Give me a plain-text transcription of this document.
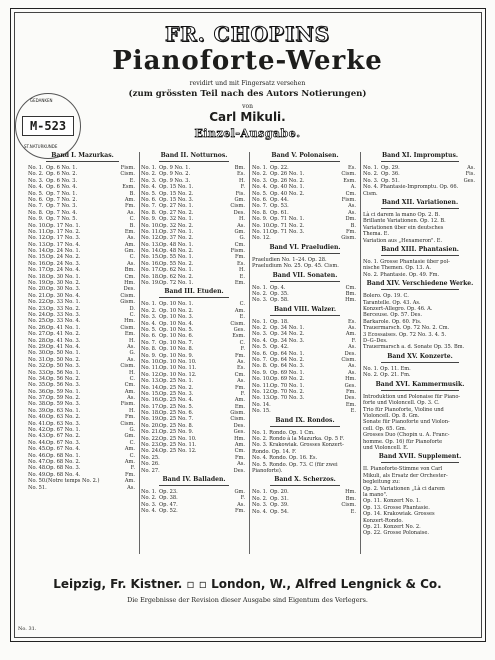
GEDANKEN
M-523
ST.NATURKUNDE
FR. CHOPINS
Pianoforte-Werke
revidirt und mit Fingersatz versehen
(zum grössten Teil nach des Autors Notierungen)
von
Carl Mikuli.
Einzel-Ausgabe.
Band I. Mazurkas.
No. 1. Op. 6 No. 1.	Fism.
No. 2. Op. 6 No. 2.	Cism.
No. 3. Op. 6 No. 3.	E.
No. 4. Op. 6 No. 4.	Esm.
No. 5. Op. 7 No. 1.	B.
No. 6. Op. 7 No. 2.	Am.
No. 7. Op. 7 No. 3.	Fm.
No. 8. Op. 7 No. 4.	As.
No. 9. Op. 7 No. 5.	C.
No. 10.Op. 17 No. 1.	B.
No. 11.Op. 17 No. 2.	Em.
No. 12.Op. 17 No. 3.	As.
No. 13.Op. 17 No. 4.	Am.
No. 14.Op. 24 No. 1.	Gm.
No. 15.Op. 24 No. 2.	C.
No. 16.Op. 24 No. 3.	As.
No. 17.Op. 24 No. 4.	Bm.
No. 18.Op. 30 No. 1.	Cm.
No. 19.Op. 30 No. 2.	Hm.
No. 20.Op. 30 No. 3.	Des.
No. 21.Op. 30 No. 4.	Cism.
No. 22.Op. 33 No. 1.	Gism.
No. 23.Op. 33 No. 2.	D.
No. 24.Op. 33 No. 3.	C.
No. 25.Op. 33 No. 4.	Hm.
No. 26.Op. 41 No. 1.	Cism.
No. 27.Op. 41 No. 2.	Em.
No. 28.Op. 41 No. 3.	H.
No. 29.Op. 41 No. 4.	As.
No. 30.Op. 50 No. 1.	G.
No. 31.Op. 50 No. 2.	As.
No. 32.Op. 50 No. 3.	Cism.
No. 33.Op. 56 No. 1.	H.
No. 34.Op. 56 No. 2.	C.
No. 35.Op. 56 No. 3.	Cm.
No. 36.Op. 59 No. 1.	Am.
No. 37.Op. 59 No. 2.	As.
No. 38.Op. 59 No. 3.	Fism.
No. 39.Op. 63 No. 1.	H.
No. 40.Op. 63 No. 2.	Fm.
No. 41.Op. 63 No. 3.	Cism.
No. 42.Op. 67 No. 1.	G.
No. 43.Op. 67 No. 2.	Gm.
No. 44.Op. 67 No. 3.	C.
No. 45.Op. 67 No. 4.	Am.
No. 46.Op. 68 No. 1.	C.
No. 47.Op. 68 No. 2.	Am.
No. 48.Op. 68 No. 3.	F.
No. 49.Op. 68 No. 4.	Fm.
No. 50.(Notre temps No. 2.)	Am.
No. 51.	As.
Band II. Notturnos.
No. 1. Op. 9 No. 1.	Bm.
No. 2. Op. 9 No. 2.	Es.
No. 3. Op. 9 No. 3.	H.
No. 4. Op. 15 No. 1.	F.
No. 5. Op. 15 No. 2.	Fis.
No. 6. Op. 15 No. 3.	Gm.
No. 7. Op. 27 No. 1.	Cism.
No. 8. Op. 27 No. 2.	Des.
No. 9. Op. 32 No. 1.	H.
No. 10.Op. 32 No. 2.	As.
No. 11.Op. 37 No. 1.	Gm.
No. 12.Op. 37 No. 2.	G.
No. 13.Op. 48 No. 1.	Cm.
No. 14.Op. 48 No. 2.	Fism.
No. 15.Op. 55 No. 1.	Fm.
No. 16.Op. 55 No. 2.	Es.
No. 17.Op. 62 No. 1.	H.
No. 18.Op. 62 No. 2.	E.
No. 19.Op. 72 No. 1.	Em.
Band III. Etuden.
No. 1. Op. 10 No. 1.	C.
No. 2. Op. 10 No. 2.	Am.
No. 3. Op. 10 No. 3.	E.
No. 4. Op. 10 No. 4.	Cism.
No. 5. Op. 10 No. 5.	Ges.
No. 6. Op. 10 No. 6.	Esm.
No. 7. Op. 10 No. 7.	C.
No. 8. Op. 10 No. 8.	F.
No. 9. Op. 10 No. 9.	Fm.
No. 10.Op. 10 No. 10.	As.
No. 11.Op. 10 No. 11.	Es.
No. 12.Op. 10 No. 12.	Cm.
No. 13.Op. 25 No. 1.	As.
No. 14.Op. 25 No. 2.	Fm.
No. 15.Op. 25 No. 3.	F.
No. 16.Op. 25 No. 4.	Am.
No. 17.Op. 25 No. 5.	Em.
No. 18.Op. 25 No. 6.	Gism.
No. 19.Op. 25 No. 7.	Cism.
No. 20.Op. 25 No. 8.	Des.
No. 21.Op. 25 No. 9.	Ges.
No. 22.Op. 25 No. 10.	Hm.
No. 23.Op. 25 No. 11.	Am.
No. 24.Op. 25 No. 12.	Cm.
No. 25.	Fm.
No. 26.	As.
No. 27.	Des.
Band IV. Balladen.
No. 1. Op. 23.	Gm.
No. 2. Op. 38.	F.
No. 3. Op. 47.	As.
No. 4. Op. 52.	Fm.
Band V. Polonaisen.
No. 1. Op. 22.	Es.
No. 2. Op. 26 No. 1.	Cism.
No. 3. Op. 26 No. 2.	Esm.
No. 4. Op. 40 No. 1.	A.
No. 5. Op. 40 No. 2.	Cm.
No. 6. Op. 44.	Fism.
No. 7. Op. 53.	As.
No. 8. Op. 61.	As.
No. 9. Op. 71 No. 1.	Dm.
No. 10.Op. 71 No. 2.	B.
No. 11.Op. 71 No. 3.	Fm.
No. 12.	Gism.
Band VI. Praeludien.
Praeludien No. 1–24. Op. 28.
Praeludium No. 25. Op. 45. Cism.
Band VII. Sonaten.
No. 1. Op. 4.	Cm.
No. 2. Op. 35.	Bm.
No. 3. Op. 58.	Hm.
Band VIII. Walzer.
No. 1. Op. 18.	Es.
No. 2. Op. 34 No. 1.	As.
No. 3. Op. 34 No. 2.	Am.
No. 4. Op. 34 No. 3.	F.
No. 5. Op. 42.	As.
No. 6. Op. 64 No. 1.	Des.
No. 7. Op. 64 No. 2.	Cism.
No. 8. Op. 64 No. 3.	As.
No. 9. Op. 69 No. 1.	As.
No. 10.Op. 69 No. 2.	Hm.
No. 11.Op. 70 No. 1.	Ges.
No. 12.Op. 70 No. 2.	Fm.
No. 13.Op. 70 No. 3.	Des.
No. 14.	Em.
No. 15.	E.
Band IX. Rondos.
No. 1. Rondo. Op. 1 Cm.
No. 2. Rondo à la Mazurka. Op. 5 F.
No. 3. Krakowiak. Grosses Konzert-
Rondo. Op. 14. F.
No. 4. Rondo. Op. 16. Es.
No. 5. Rondo. Op. 73. C (für zwei
Pianoforte).
Band X. Scherzos.
No. 1. Op. 20.	Hm.
No. 2. Op. 31.	Bm.
No. 3. Op. 39.	Cism.
No. 4. Op. 54.	E.
Band XI. Impromptus.
No. 1. Op. 29.	As.
No. 2. Op. 36.	Fis.
No. 3. Op. 51.	Ges.
No. 4. Phantasie-Impromptu. Op. 66.
Cism.
Band XII. Variationen.
Là ci darem la mano Op. 2. B.
Brillante Variationen. Op. 12. B.
Variationen über ein deutsches
Thema. E.
Variation aus „Hexameron". E.
Band XIII. Phantasien.
No. 1. Grosse Phantasie über pol-
nische Themen. Op. 13. A.
No. 2. Phantasie. Op. 49. Fm.
Band XIV. Verschiedene Werke.
Bolero. Op. 19. C.
Tarantelle. Op. 43. As.
Konzert-Allegro. Op. 46. A.
Berceuse. Op. 57. Des.
Barkarole. Op. 60. Fis.
Trauermarsch. Op. 72 No. 2. Cm.
3 Ecossaises. Op. 72 No. 3. 4. 5.
D–G–Des.
Trauermarsch a. d. Sonate Op. 35. Bm.
Band XV. Konzerte.
No. 1. Op. 11. Em.
No. 2. Op. 21. Fm.
Band XVI. Kammermusik.
Introduktion und Polonaise für Piano-
forte und Violoncell. Op. 3. C.
Trio für Pianoforte, Violine und
Violoncell. Op. 8. Gm.
Sonate für Pianoforte und Violon-
cell. Op. 65. Gm.
Grosses Duo (Chopin u. A. Franc-
homme. Op. 16) für Pianoforte
und Violoncell. E.
Band XVII. Supplement.
II. Pianoforte-Stimme von Carl
Mikuli, als Ersatz der Orchester-
begleitung zu:
Op. 2. Variationen „Là ci darem
la mano".
Op. 11. Konzert No. 1.
Op. 13. Grosse Phantasie.
Op. 14. Krakowiak. Grosses
Konzert-Rondo.
Op. 21. Konzert No. 2.
Op. 22. Grosse Polonaise.
Leipzig, Fr. Kistner. ▫ ▫ London, W., Alfred Lengnick & Co.
Die Ergebnisse der Revision dieser Ausgabe sind Eigentum des Verlegers.
No. 31.
